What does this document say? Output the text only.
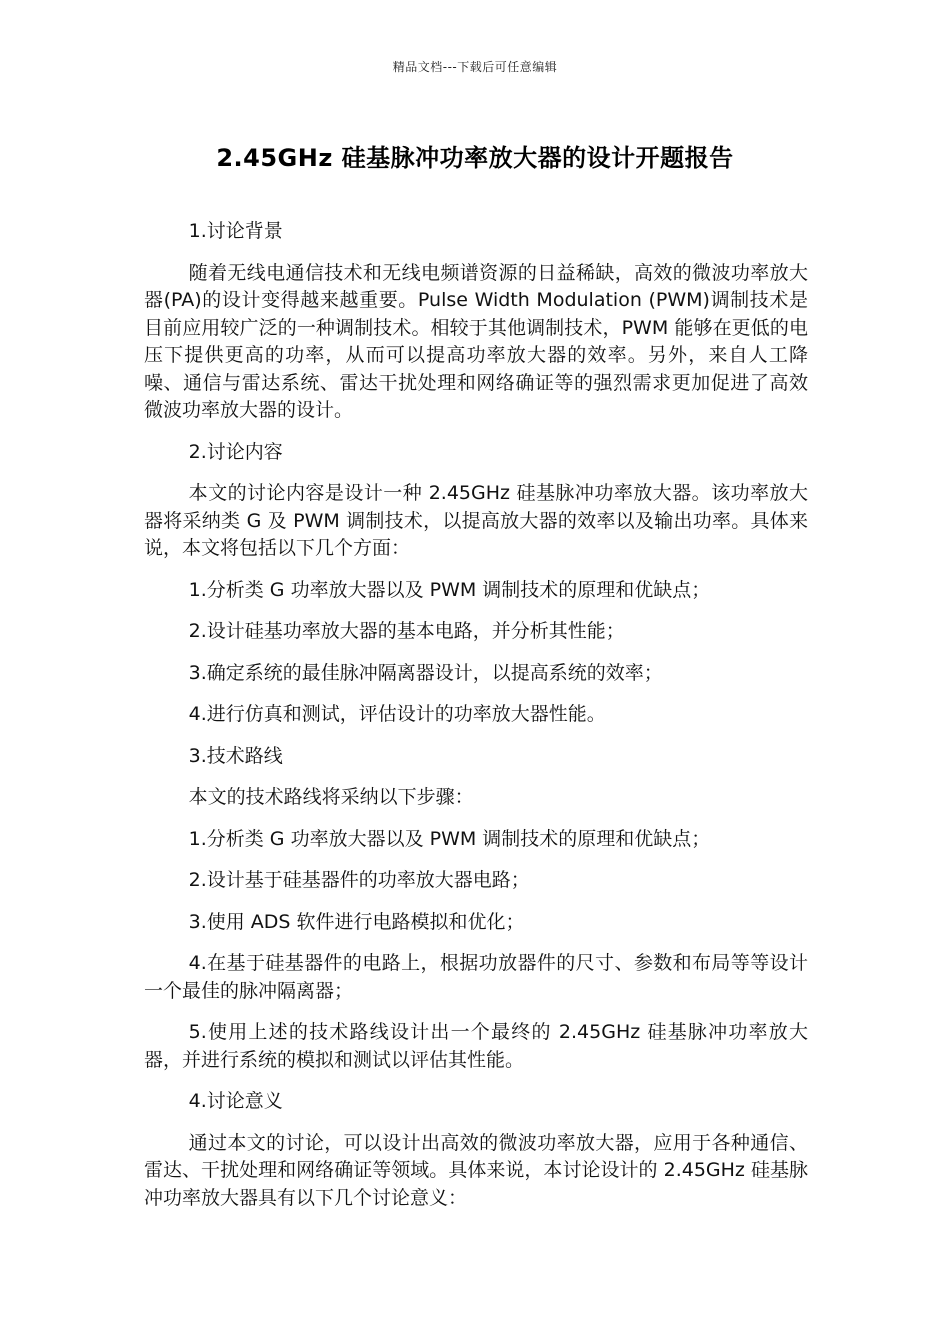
精品文档---下载后可任意编辑
2.45GHz 硅基脉冲功率放大器的设计开题报告

1.讨论背景

随着无线电通信技术和无线电频谱资源的日益稀缺，高效的微波功率放大器(PA)的设计变得越来越重要。Pulse Width Modulation (PWM)调制技术是目前应用较广泛的一种调制技术。相较于其他调制技术，PWM 能够在更低的电压下提供更高的功率，从而可以提高功率放大器的效率。另外，来自人工降噪、通信与雷达系统、雷达干扰处理和网络确证等的强烈需求更加促进了高效微波功率放大器的设计。

2.讨论内容

本文的讨论内容是设计一种 2.45GHz 硅基脉冲功率放大器。该功率放大器将采纳类 G 及 PWM 调制技术，以提高放大器的效率以及输出功率。具体来说，本文将包括以下几个方面：

1.分析类 G 功率放大器以及 PWM 调制技术的原理和优缺点；

2.设计硅基功率放大器的基本电路，并分析其性能；

3.确定系统的最佳脉冲隔离器设计，以提高系统的效率；

4.进行仿真和测试，评估设计的功率放大器性能。

3.技术路线

本文的技术路线将采纳以下步骤：

1.分析类 G 功率放大器以及 PWM 调制技术的原理和优缺点；

2.设计基于硅基器件的功率放大器电路；

3.使用 ADS 软件进行电路模拟和优化；

4.在基于硅基器件的电路上，根据功放器件的尺寸、参数和布局等等设计一个最佳的脉冲隔离器；

5.使用上述的技术路线设计出一个最终的 2.45GHz 硅基脉冲功率放大器，并进行系统的模拟和测试以评估其性能。

4.讨论意义

通过本文的讨论，可以设计出高效的微波功率放大器，应用于各种通信、雷达、干扰处理和网络确证等领域。具体来说，本讨论设计的 2.45GHz 硅基脉冲功率放大器具有以下几个讨论意义：
